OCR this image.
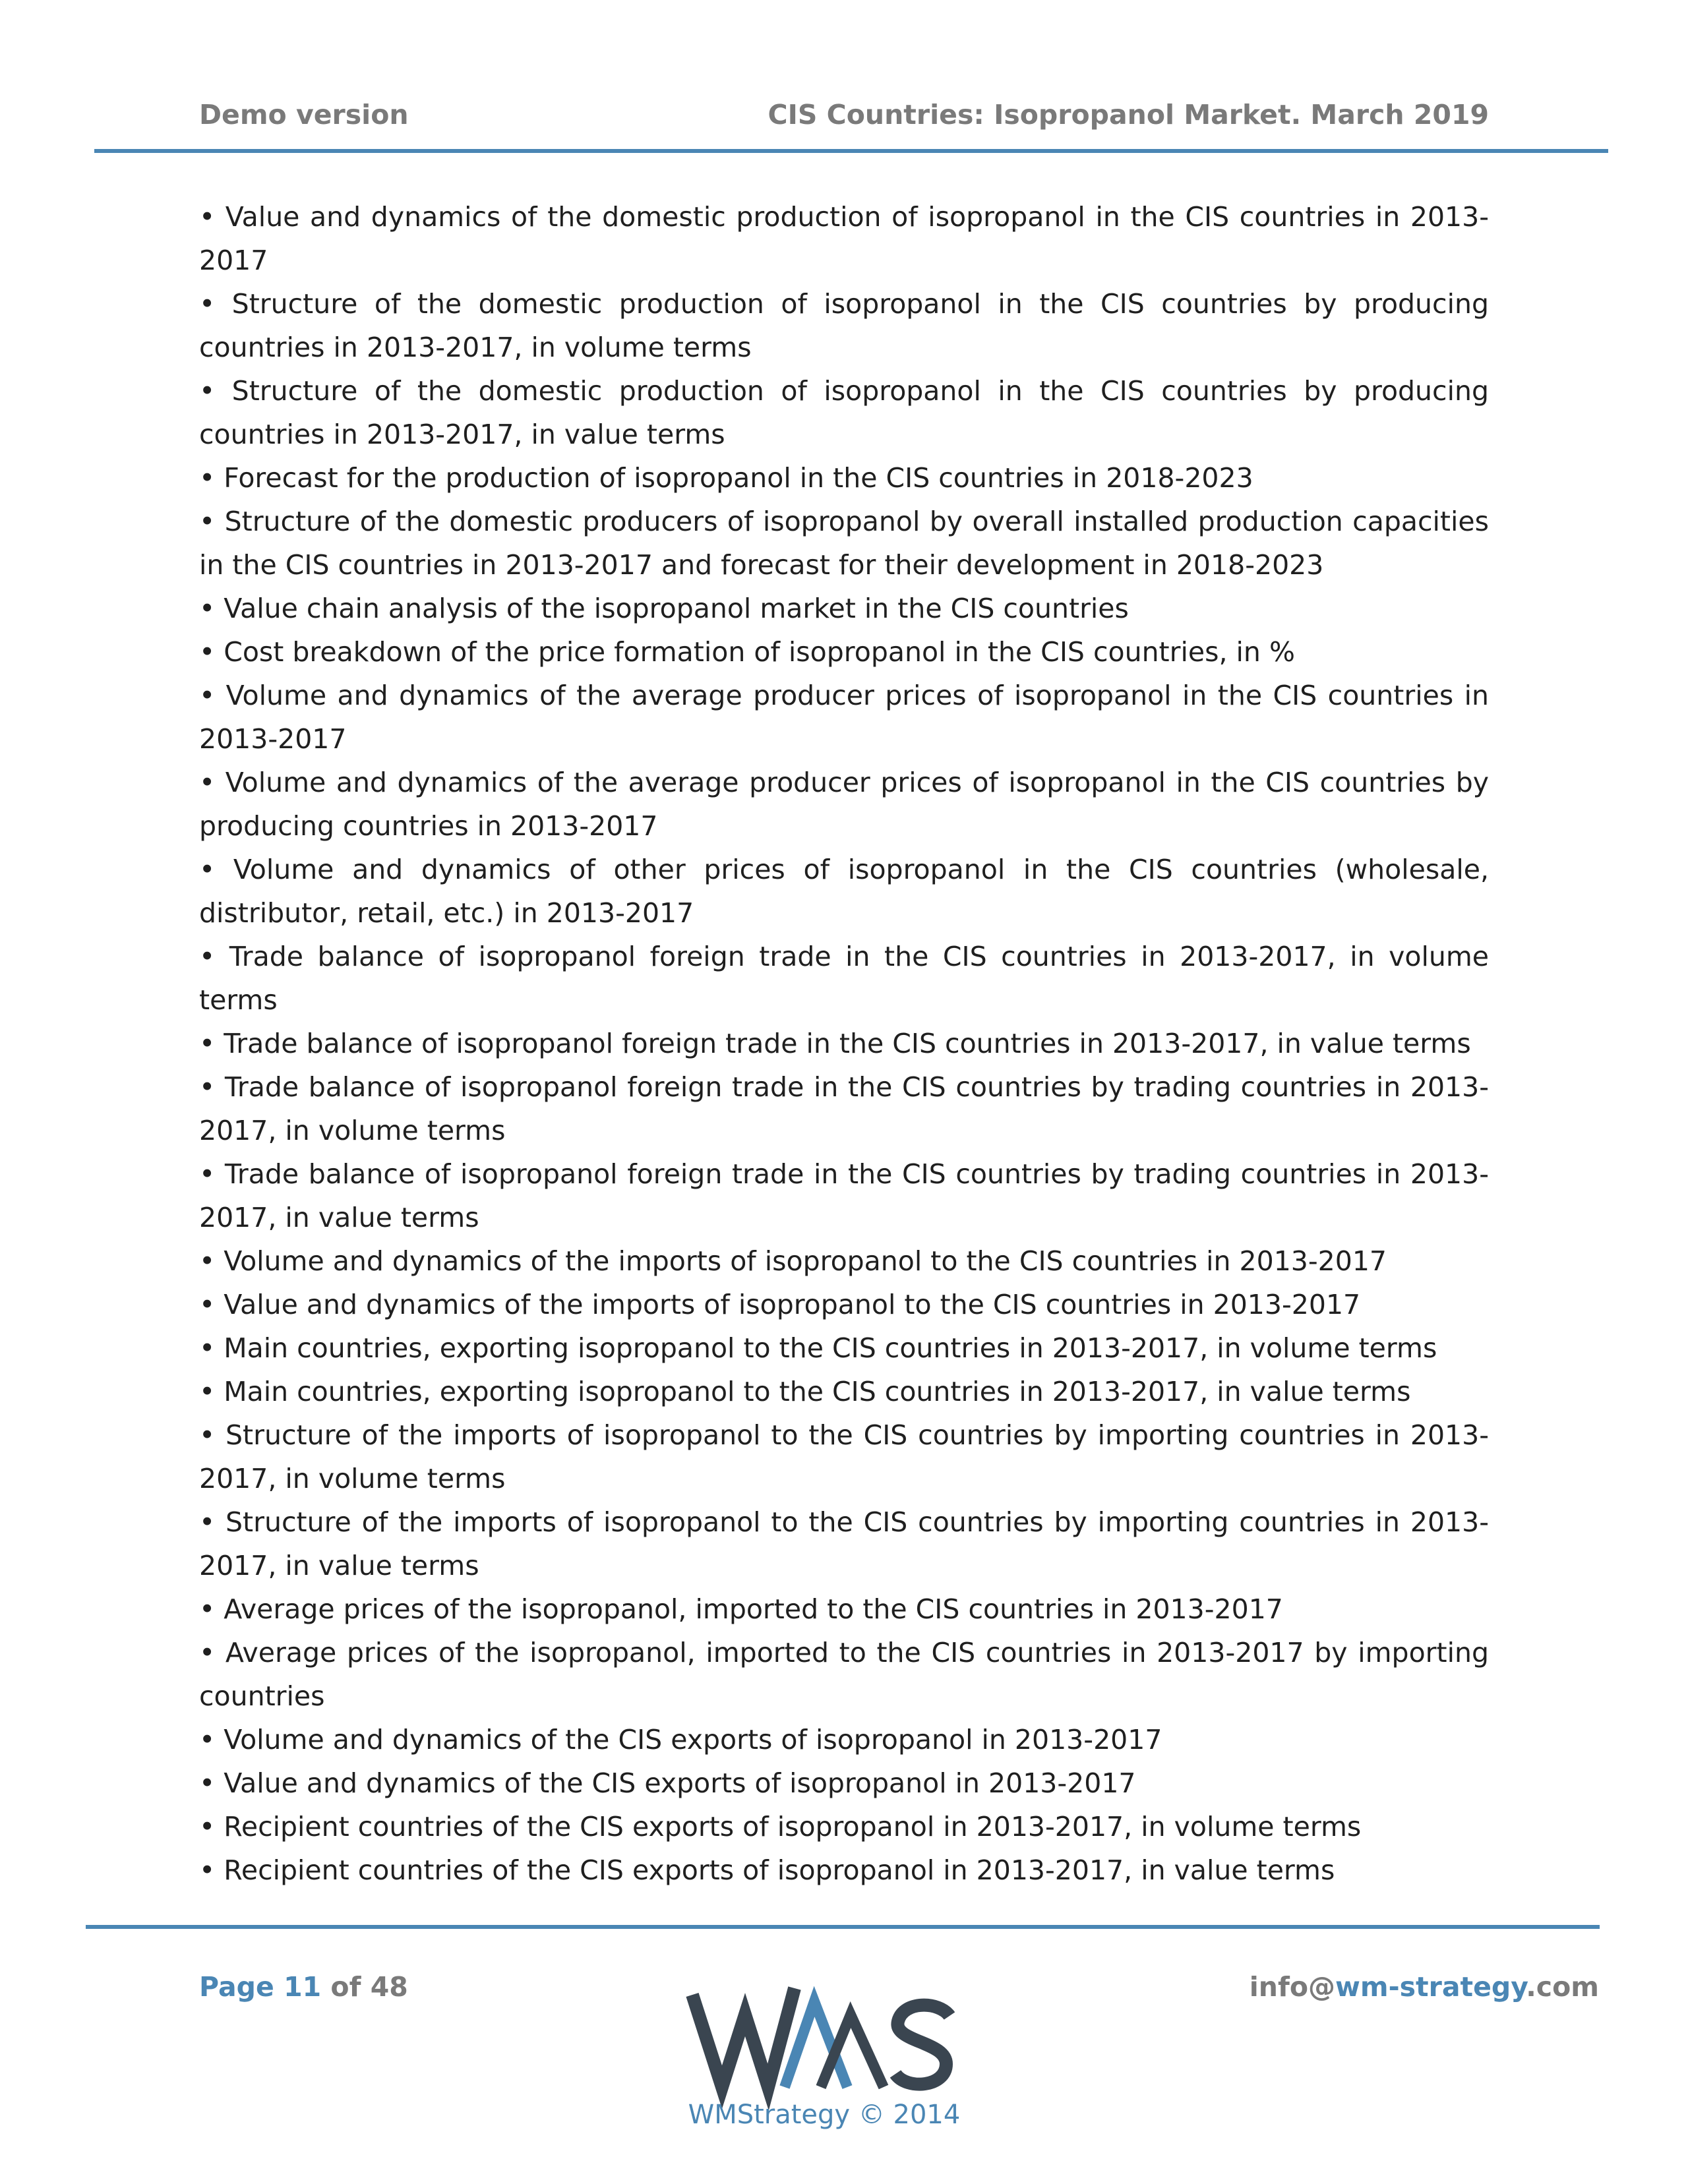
Demo version	CIS Countries: Isopropanol Market. March 2019

• Value and dynamics of the domestic production of isopropanol in the CIS countries in 2013-2017

• Structure of the domestic production of isopropanol in the CIS countries by producing countries in 2013-2017, in volume terms

• Structure of the domestic production of isopropanol in the CIS countries by producing countries in 2013-2017, in value terms

• Forecast for the production of isopropanol in the CIS countries in 2018-2023

• Structure of the domestic producers of isopropanol by overall installed production capacities in the CIS countries in 2013-2017 and forecast for their development in 2018-2023

• Value chain analysis of the isopropanol market in the CIS countries

• Cost breakdown of the price formation of isopropanol in the CIS countries, in %

• Volume and dynamics of the average producer prices of isopropanol in the CIS countries in 2013-2017

• Volume and dynamics of the average producer prices of isopropanol in the CIS countries by producing countries in 2013-2017

• Volume and dynamics of other prices of isopropanol in the CIS countries (wholesale, distributor, retail, etc.) in 2013-2017

• Trade balance of isopropanol foreign trade in the CIS countries in 2013-2017, in volume terms

• Trade balance of isopropanol foreign trade in the CIS countries in 2013-2017, in value terms

• Trade balance of isopropanol foreign trade in the CIS countries by trading countries in 2013-2017, in volume terms

• Trade balance of isopropanol foreign trade in the CIS countries by trading countries in 2013-2017, in value terms

• Volume and dynamics of the imports of isopropanol to the CIS countries in 2013-2017

• Value and dynamics of the imports of isopropanol to the CIS countries in 2013-2017

• Main countries, exporting isopropanol to the CIS countries in 2013-2017, in volume terms

• Main countries, exporting isopropanol to the CIS countries in 2013-2017, in value terms

• Structure of the imports of isopropanol to the CIS countries by importing countries in 2013-2017, in volume terms

• Structure of the imports of isopropanol to the CIS countries by importing countries in 2013-2017, in value terms

• Average prices of the isopropanol, imported to the CIS countries in 2013-2017

• Average prices of the isopropanol, imported to the CIS countries in 2013-2017 by importing countries

• Volume and dynamics of the CIS exports of isopropanol in 2013-2017

• Value and dynamics of the CIS exports of isopropanol in 2013-2017

• Recipient countries of the CIS exports of isopropanol in 2013-2017, in volume terms

• Recipient countries of the CIS exports of isopropanol in 2013-2017, in value terms

Page 11 of 48	info@wm-strategy.com
WMStrategy © 2014
